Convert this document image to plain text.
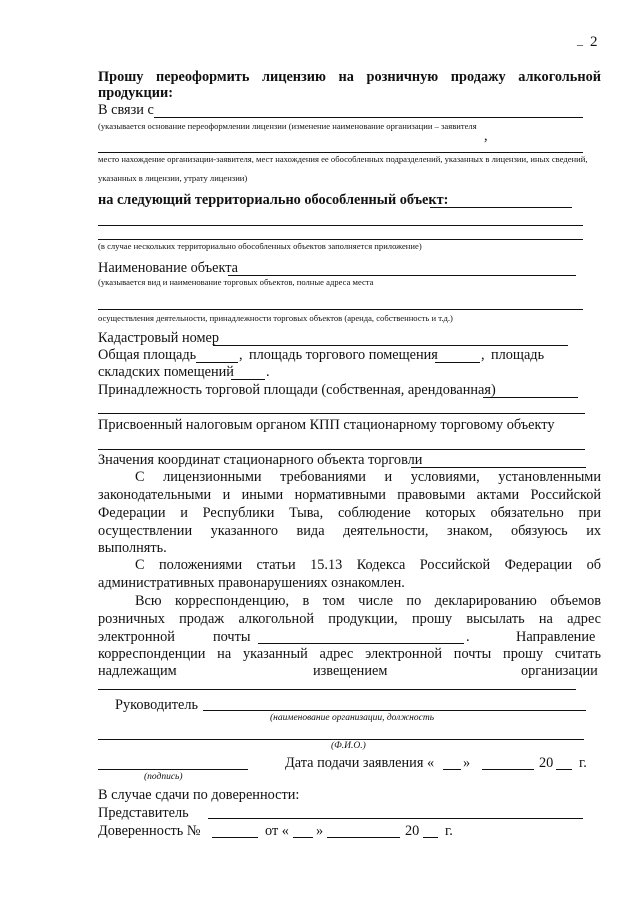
_ 2
Прошу переоформить лицензию на розничную продажу алкогольной
продукции:
В связи с
(указывается основание переоформлении лицензии (изменение наименование организации – заявителя
,
место нахождение организации-заявителя, мест нахождения ее обособленных подразделений, указанных в лицензии, иных сведений,
указанных в лицензии, утрату лицензии)
на следующий территориально обособленный объект:
(в случае нескольких территориально обособленных объектов заполняется приложение)
Наименование объекта
(указывается вид и наименование торговых объектов, полные адреса места
осуществления деятельности, принадлежности торговых объектов (аренда, собственность и т.д.)
Кадастровый номер
Общая площадь	, площадь торгового помещения	, площадь
складских помещений .
Принадлежность торговой площади (собственная, арендованная)
Присвоенный налоговым органом КПП стационарному торговому объекту
Значения координат стационарного объекта торговли
С лицензионными требованиями и условиями, установленными
законодательными и иными нормативными правовыми актами Российской
Федерации и Республики Тыва, соблюдение которых обязательно при
осуществлении указанного вида деятельности, знаком, обязуюсь их
выполнять.
С положениями статьи 15.13 Кодекса Российской Федерации об
административных правонарушениях ознакомлен.
Всю корреспонденцию, в том числе по декларированию объемов
розничных продаж алкогольной продукции, прошу высылать на адрес
электронной	почты	.	Направление
корреспонденции на указанный адрес электронной почты прошу считать
надлежащим	извещением	организации
Руководитель
(наименование организации, должность
(Ф.И.О.)
(подпись)
Дата подачи заявления « »	20 г.
В случае сдачи по доверенности:
Представитель
Доверенность №	от « »	20 г.
